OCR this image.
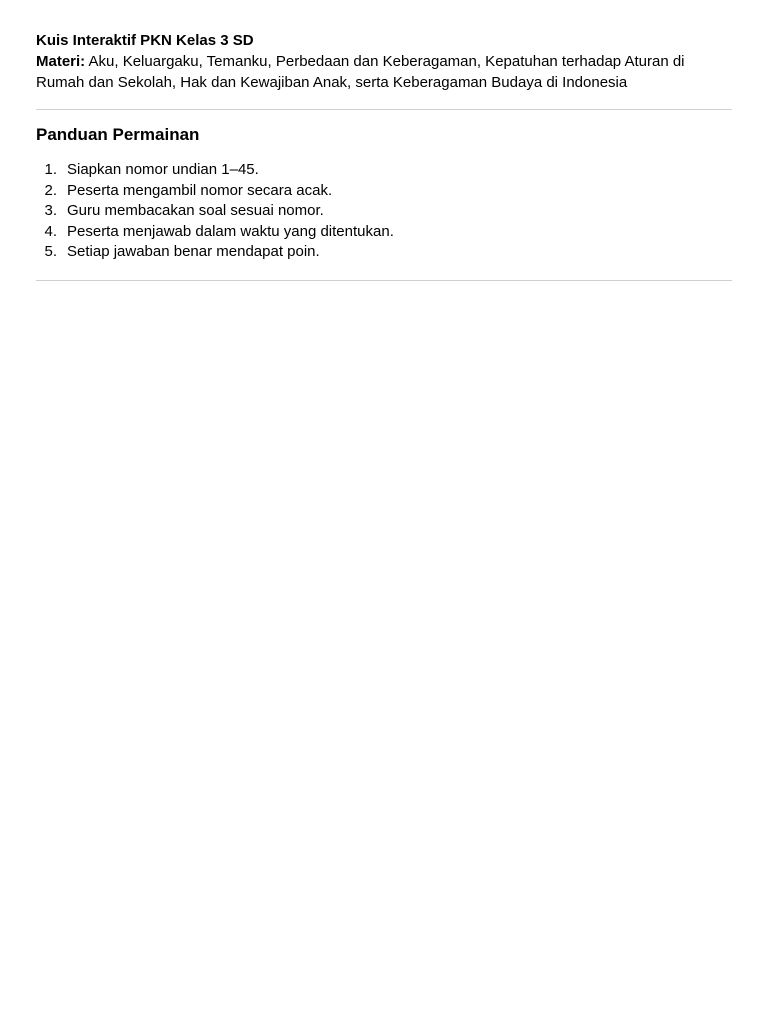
Kuis Interaktif PKN Kelas 3 SD

Materi: Aku, Keluargaku, Temanku, Perbedaan dan Keberagaman, Kepatuhan terhadap Aturan di Rumah dan Sekolah, Hak dan Kewajiban Anak, serta Keberagaman Budaya di Indonesia

Panduan Permainan
1. Siapkan nomor undian 1–45.
2. Peserta mengambil nomor secara acak.
3. Guru membacakan soal sesuai nomor.
4. Peserta menjawab dalam waktu yang ditentukan.
5. Setiap jawaban benar mendapat poin.
